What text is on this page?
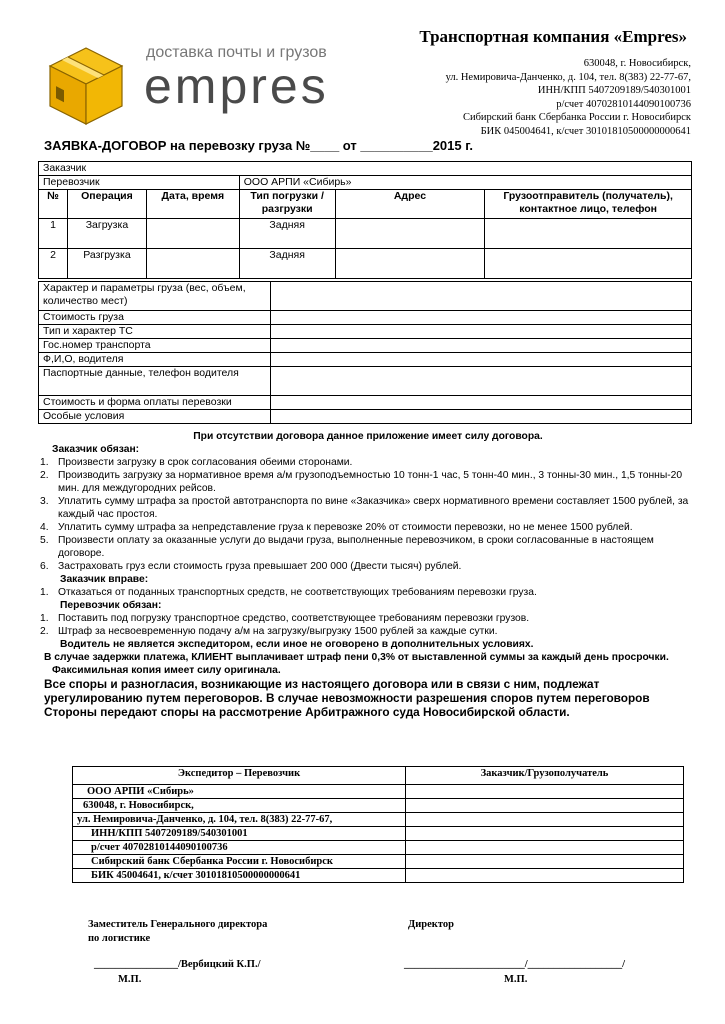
доставка почты и грузов
empres
Транспортная компания «Empres»
630048, г. Новосибирск,
ул. Немировича-Данченко, д. 104, тел. 8(383) 22-77-67,
ИНН/КПП 5407209189/540301001
р/счет 40702810144090100736
Сибирский банк Сбербанка России г. Новосибирск
БИК 045004641, к/счет 30101810500000000641
ЗАЯВКА-ДОГОВОР на перевозку груза №____ от __________2015 г.
Заказчик					
Перевозчик			ООО АРПИ «Сибирь»		
№	Операция	Дата, время	Тип погрузки /разгрузки	Адрес	Грузоотправитель (получатель), контактное лицо, телефон
1	Загрузка		Задняя		
2	Разгрузка		Задняя		
Характер и параметры груза (вес, объем, количество мест)	
Стоимость груза	
Тип и характер ТС	
Гос.номер транспорта	
Ф,И,О, водителя	
Паспортные данные, телефон водителя	
Стоимость и форма оплаты перевозки	
Особые условия	
При отсутствии договора данное приложение имеет силу договора.
Заказчик обязан:
1. Произвести загрузку в срок согласования обеими сторонами.
2. Производить загрузку за нормативное время а/м грузоподъемностью 10 тонн-1 час, 5 тонн-40 мин., 3 тонны-30 мин., 1,5 тонны-20 мин. для междугородних рейсов.
3. Уплатить сумму штрафа за простой автотранспорта по вине «Заказчика» сверх нормативного времени составляет 1500 рублей, за каждый час простоя.
4. Уплатить сумму штрафа за непредставление груза к перевозке 20% от стоимости перевозки, но не менее 1500 рублей.
5. Произвести оплату за оказанные услуги до выдачи груза, выполненные перевозчиком, в сроки согласованные в настоящем договоре.
6. Застраховать груз если стоимость груза превышает 200 000 (Двести тысяч) рублей.
Заказчик вправе:
1. Отказаться от поданных транспортных средств, не соответствующих требованиям перевозки груза.
Перевозчик обязан:
1. Поставить под погрузку транспортное средство, соответствующее требованиям перевозки грузов.
2. Штраф за несвоевременную подачу а/м на загрузку/выгрузку 1500 рублей за каждые сутки.
Водитель не является экспедитором, если иное не оговорено в дополнительных условиях.
В случае задержки платежа, КЛИЕНТ выплачивает штраф пени 0,3% от выставленной суммы за каждый день просрочки.
Факсимильная копия имеет силу оригинала.
Все споры и разногласия, возникающие из настоящего договора или в связи с ним, подлежат урегулированию путем переговоров. В случае невозможности разрешения споров путем переговоров Стороны передают споры на рассмотрение Арбитражного суда Новосибирской области.
Экспедитор – Перевозчик	Заказчик/Грузополучатель
ООО АРПИ «Сибирь»	
630048, г. Новосибирск,	
ул. Немировича-Данченко, д. 104, тел. 8(383) 22-77-67,	
ИНН/КПП 5407209189/540301001	
р/счет 40702810144090100736	
Сибирский банк Сбербанка России г. Новосибирск	
БИК 45004641, к/счет 30101810500000000641	
Заместитель Генерального директора
по логистике
Директор
________________/Вербицкий К.П./	_______________________/__________________/
М.П.	М.П.
